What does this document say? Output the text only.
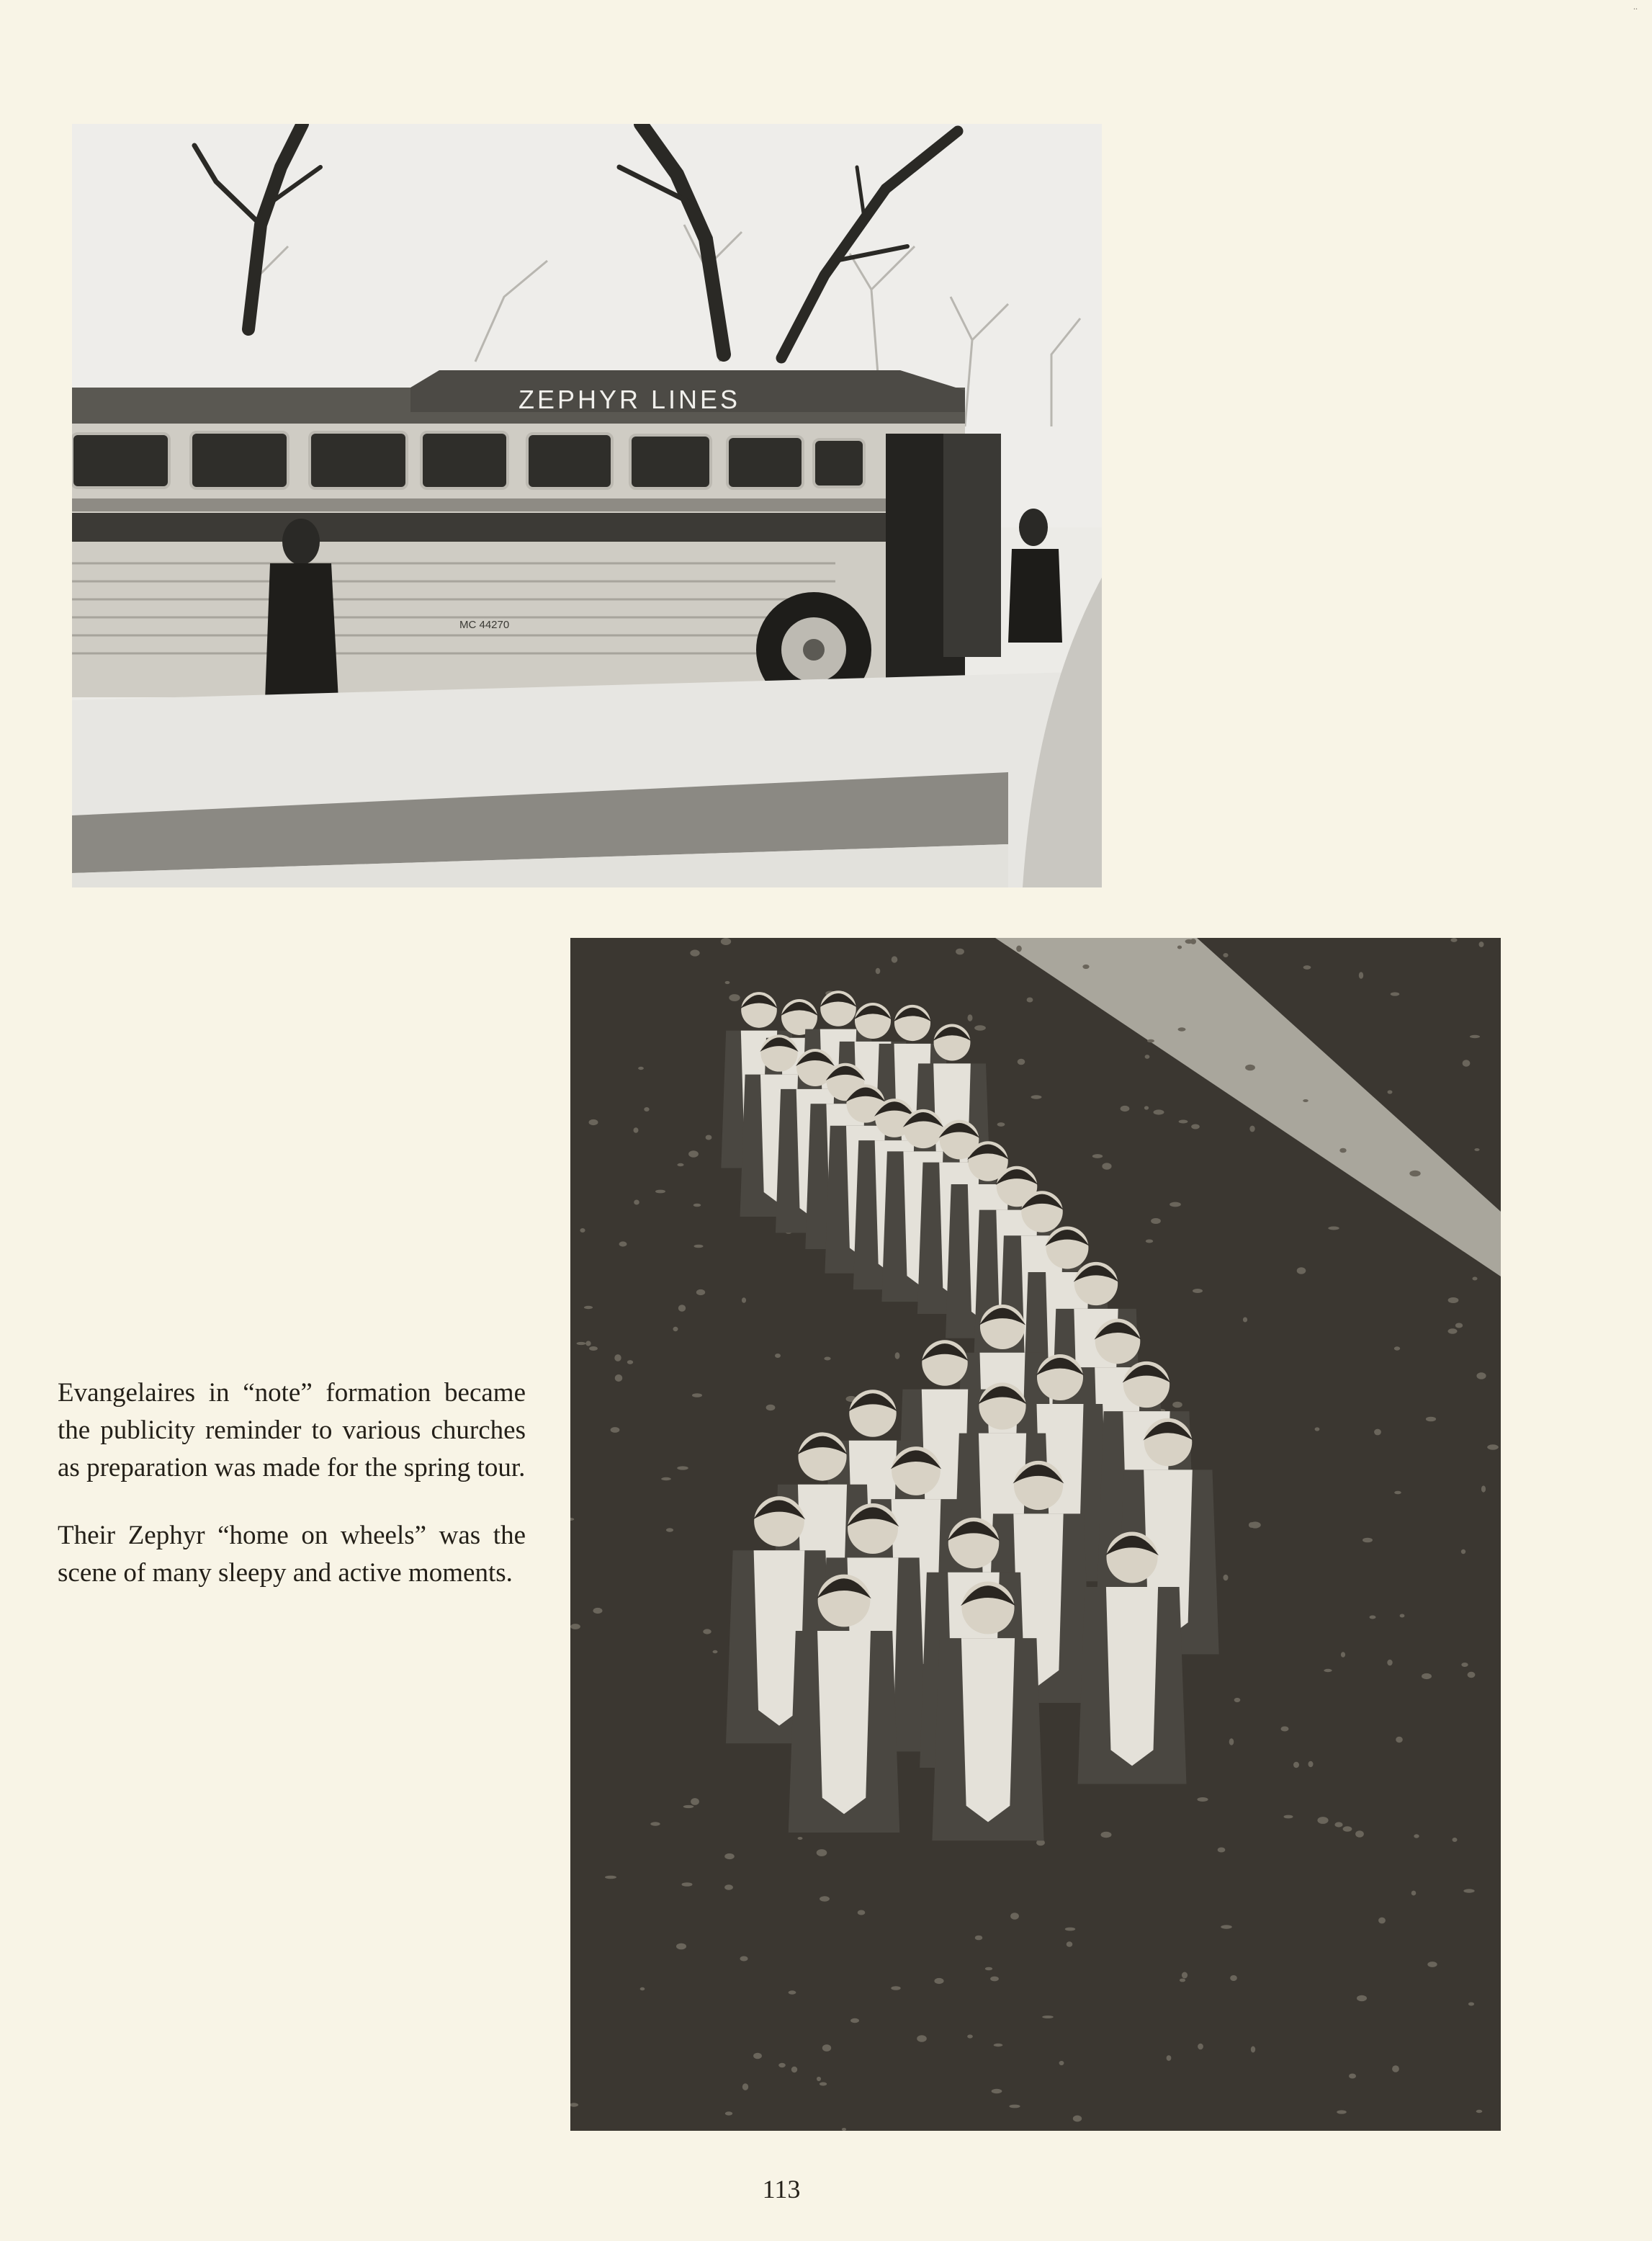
ZEPHYR LINES
MC 44270

Evangelaires in “note” formation became the publicity reminder to various churches as preparation was made for the spring tour.

Their Zephyr “home on wheels” was the scene of many sleepy and active moments.

113
..
